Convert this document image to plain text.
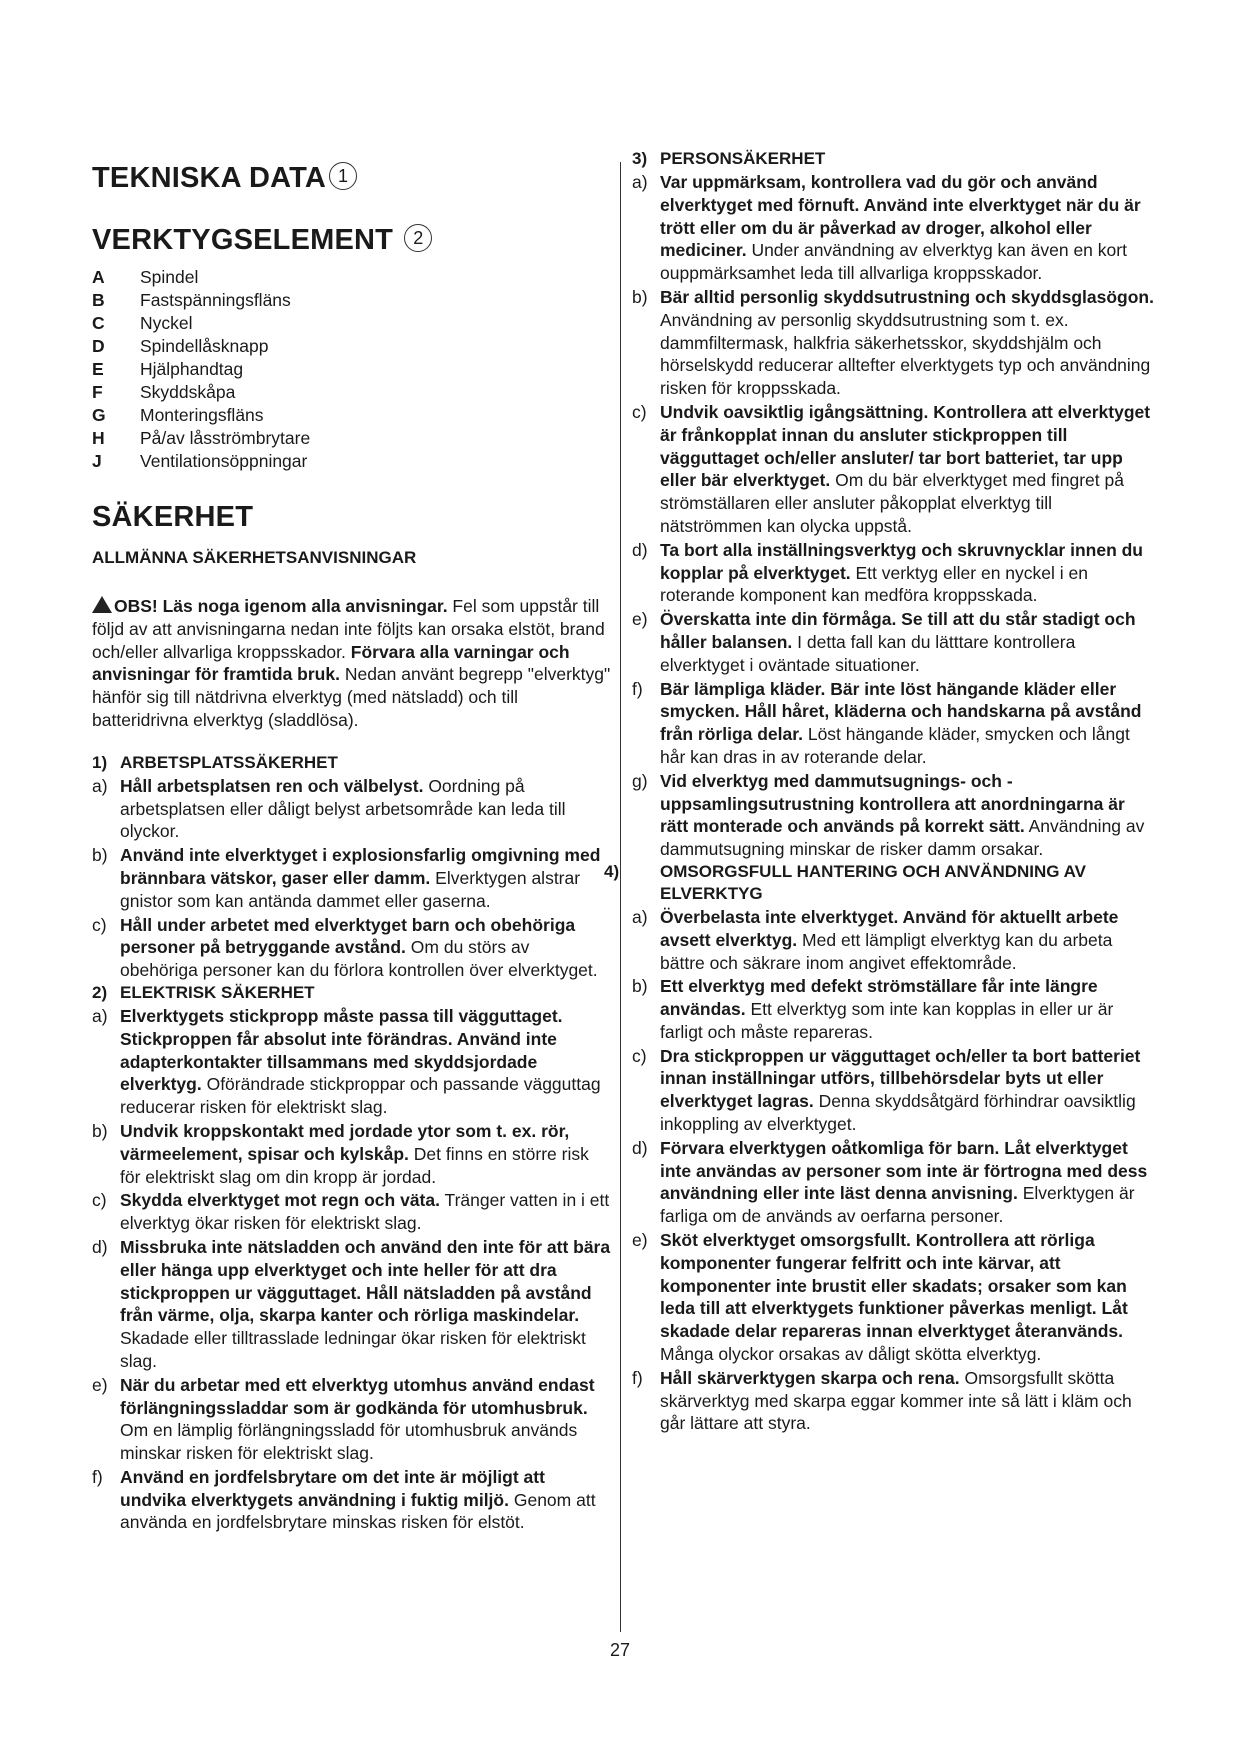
TEKNISKA DATA 1
VERKTYGSELEMENT 2
A	Spindel
B	Fastspänningsfläns
C	Nyckel
D	Spindellåsknapp
E	Hjälphandtag
F	Skyddskåpa
G	Monteringsfläns
H	På/av låsströmbrytare
J	Ventilationsöppningar
SÄKERHET
ALLMÄNNA SÄKERHETSANVISNINGAR
OBS! Läs noga igenom alla anvisningar. Fel som uppstår till följd av att anvisningarna nedan inte följts kan orsaka elstöt, brand och/eller allvarliga kroppsskador. Förvara alla varningar och anvisningar för framtida bruk. Nedan använt begrepp "elverktyg" hänför sig till nätdrivna elverktyg (med nätsladd) och till batteridrivna elverktyg (sladdlösa).
1) ARBETSPLATSSÄKERHET
a) Håll arbetsplatsen ren och välbelyst. Oordning på arbetsplatsen eller dåligt belyst arbetsområde kan leda till olyckor.
b) Använd inte elverktyget i explosionsfarlig omgivning med brännbara vätskor, gaser eller damm. Elverktygen alstrar gnistor som kan antända dammet eller gaserna.
c) Håll under arbetet med elverktyget barn och obehöriga personer på betryggande avstånd. Om du störs av obehöriga personer kan du förlora kontrollen över elverktyget.
2) ELEKTRISK SÄKERHET
a) Elverktygets stickpropp måste passa till vägguttaget. Stickproppen får absolut inte förändras. Använd inte adapterkontakter tillsammans med skyddsjordade elverktyg. Oförändrade stickproppar och passande vägguttag reducerar risken för elektriskt slag.
b) Undvik kroppskontakt med jordade ytor som t. ex. rör, värmeelement, spisar och kylskåp. Det finns en större risk för elektriskt slag om din kropp är jordad.
c) Skydda elverktyget mot regn och väta. Tränger vatten in i ett elverktyg ökar risken för elektriskt slag.
d) Missbruka inte nätsladden och använd den inte för att bära eller hänga upp elverktyget och inte heller för att dra stickproppen ur vägguttaget. Håll nätsladden på avstånd från värme, olja, skarpa kanter och rörliga maskindelar. Skadade eller tilltrasslade ledningar ökar risken för elektriskt slag.
e) När du arbetar med ett elverktyg utomhus använd endast förlängningssladdar som är godkända för utomhusbruk. Om en lämplig förlängningssladd för utomhusbruk används minskar risken för elektriskt slag.
f) Använd en jordfelsbrytare om det inte är möjligt att undvika elverktygets användning i fuktig miljö. Genom att använda en jordfelsbrytare minskas risken för elstöt.
3) PERSONSÄKERHET
a) Var uppmärksam, kontrollera vad du gör och använd elverktyget med förnuft. Använd inte elverktyget när du är trött eller om du är påverkad av droger, alkohol eller mediciner. Under användning av elverktyg kan även en kort ouppmärksamhet leda till allvarliga kroppsskador.
b) Bär alltid personlig skyddsutrustning och skyddsglasögon. Användning av personlig skyddsutrustning som t. ex. dammfiltermask, halkfria säkerhetsskor, skyddshjälm och hörselskydd reducerar alltefter elverktygets typ och användning risken för kroppsskada.
c) Undvik oavsiktlig igångsättning. Kontrollera att elverktyget är frånkopplat innan du ansluter stickproppen till vägguttaget och/eller ansluter/ tar bort batteriet, tar upp eller bär elverktyget. Om du bär elverktyget med fingret på strömställaren eller ansluter påkopplat elverktyg till nätströmmen kan olycka uppstå.
d) Ta bort alla inställningsverktyg och skruvnycklar innen du kopplar på elverktyget. Ett verktyg eller en nyckel i en roterande komponent kan medföra kroppsskada.
e) Överskatta inte din förmåga. Se till att du står stadigt och håller balansen. I detta fall kan du lätttare kontrollera elverktyget i oväntade situationer.
f) Bär lämpliga kläder. Bär inte löst hängande kläder eller smycken. Håll håret, kläderna och handskarna på avstånd från rörliga delar. Löst hängande kläder, smycken och långt hår kan dras in av roterande delar.
g) Vid elverktyg med dammutsugnings- och -uppsamlingsutrustning kontrollera att anordningarna är rätt monterade och används på korrekt sätt. Användning av dammutsugning minskar de risker damm orsakar.
4) OMSORGSFULL HANTERING OCH ANVÄNDNING AV ELVERKTYG
a) Överbelasta inte elverktyget. Använd för aktuellt arbete avsett elverktyg. Med ett lämpligt elverktyg kan du arbeta bättre och säkrare inom angivet effektområde.
b) Ett elverktyg med defekt strömställare får inte längre användas. Ett elverktyg som inte kan kopplas in eller ur är farligt och måste repareras.
c) Dra stickproppen ur vägguttaget och/eller ta bort batteriet innan inställningar utförs, tillbehörsdelar byts ut eller elverktyget lagras. Denna skyddsåtgärd förhindrar oavsiktlig inkoppling av elverktyget.
d) Förvara elverktygen oåtkomliga för barn. Låt elverktyget inte användas av personer som inte är förtrogna med dess användning eller inte läst denna anvisning. Elverktygen är farliga om de används av oerfarna personer.
e) Sköt elverktyget omsorgsfullt. Kontrollera att rörliga komponenter fungerar felfritt och inte kärvar, att komponenter inte brustit eller skadats; orsaker som kan leda till att elverktygets funktioner påverkas menligt. Låt skadade delar repareras innan elverktyget återanvänds. Många olyckor orsakas av dåligt skötta elverktyg.
f) Håll skärverktygen skarpa och rena. Omsorgsfullt skötta skärverktyg med skarpa eggar kommer inte så lätt i kläm och går lättare att styra.
27
